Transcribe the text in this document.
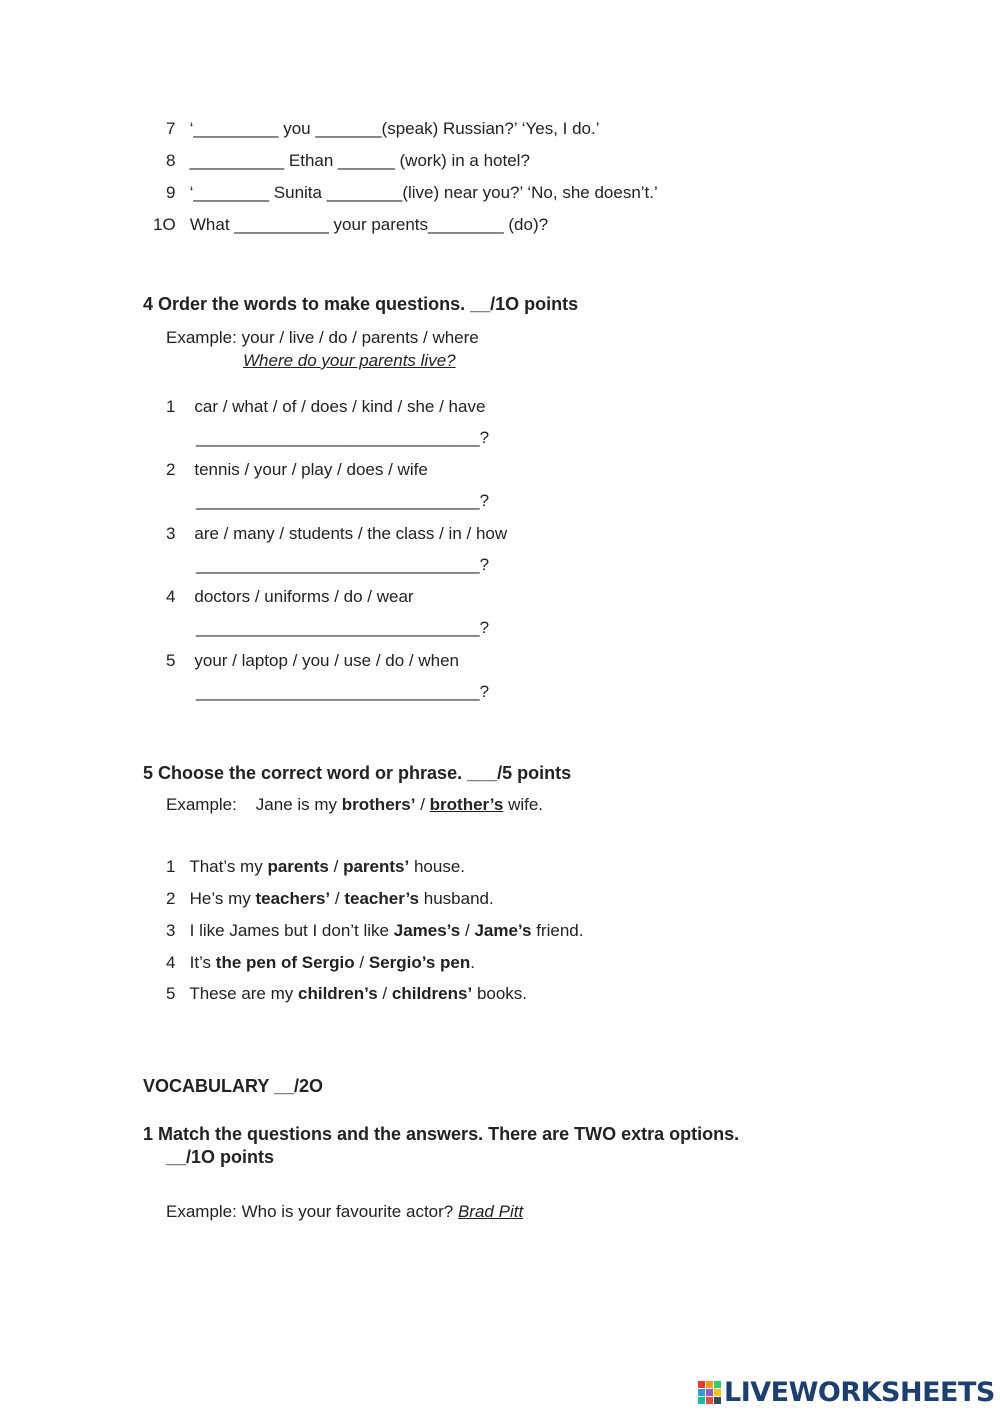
7 ‘_________ you _______(speak) Russian?’ ‘Yes, I do.’
8 __________ Ethan ______ (work) in a hotel?
9 ‘________ Sunita ________(live) near you?’ ‘No, she doesn’t.’
1O What __________ your parents________ (do)?
4 Order the words to make questions. __/1O points
Example: your / live / do / parents / where
Where do your parents live?
1 car / what / of / does / kind / she / have
______________________________?
2 tennis / your / play / does / wife
______________________________?
3 are / many / students / the class / in / how
______________________________?
4 doctors / uniforms / do / wear
______________________________?
5 your / laptop / you / use / do / when
______________________________?
5 Choose the correct word or phrase. ___/5 points
Example: Jane is my brothers’ / brother’s wife.
1 That’s my parents / parents’ house.
2 He’s my teachers’ / teacher’s husband.
3 I like James but I don’t like James’s / Jame’s friend.
4 It’s the pen of Sergio / Sergio’s pen.
5 These are my children’s / childrens’ books.
VOCABULARY __/2O
1 Match the questions and the answers. There are TWO extra options.
__/1O points
Example: Who is your favourite actor? Brad Pitt
LIVEWORKSHEETS
